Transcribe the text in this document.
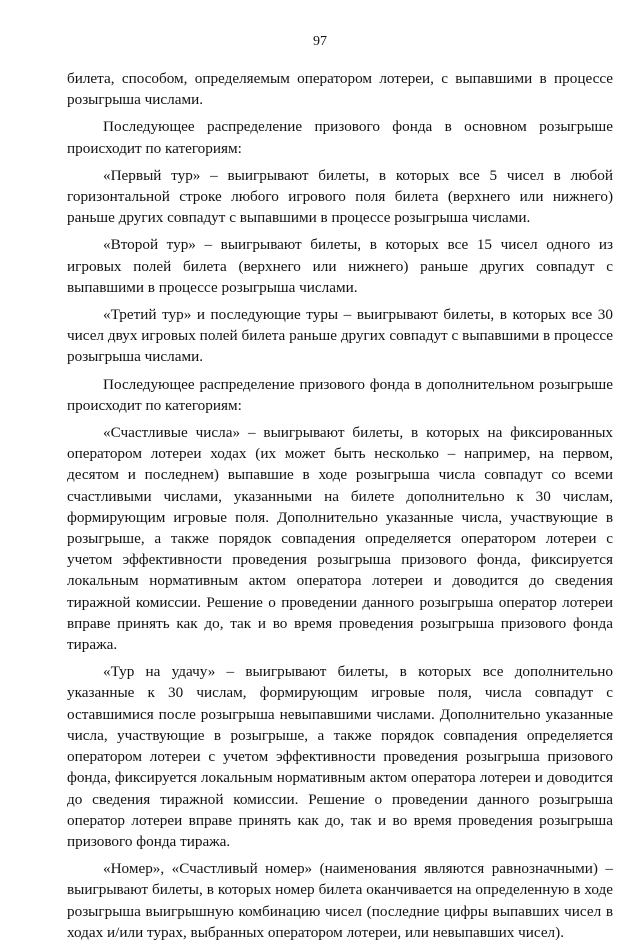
97

билета, способом, определяемым оператором лотереи, с выпавшими в процессе розыгрыша числами.

Последующее распределение призового фонда в основном розыгрыше происходит по категориям:

«Первый тур» – выигрывают билеты, в которых все 5 чисел в любой горизонтальной строке любого игрового поля билета (верхнего или нижнего) раньше других совпадут с выпавшими в процессе розыгрыша числами.

«Второй тур» – выигрывают билеты, в которых все 15 чисел одного из игровых полей билета (верхнего или нижнего) раньше других совпадут с выпавшими в процессе розыгрыша числами.

«Третий тур» и последующие туры – выигрывают билеты, в которых все 30 чисел двух игровых полей билета раньше других совпадут с выпавшими в процессе розыгрыша числами.

Последующее распределение призового фонда в дополнительном розыгрыше происходит по категориям:

«Счастливые числа» – выигрывают билеты, в которых на фиксированных оператором лотереи ходах (их может быть несколько – например, на первом, десятом и последнем) выпавшие в ходе розыгрыша числа совпадут со всеми счастливыми числами, указанными на билете дополнительно к 30 числам, формирующим игровые поля. Дополнительно указанные числа, участвующие в розыгрыше, а также порядок совпадения определяется оператором лотереи с учетом эффективности проведения розыгрыша призового фонда, фиксируется локальным нормативным актом оператора лотереи и доводится до сведения тиражной комиссии. Решение о проведении данного розыгрыша оператор лотереи вправе принять как до, так и во время проведения розыгрыша призового фонда тиража.

«Тур на удачу» – выигрывают билеты, в которых все дополнительно указанные к 30 числам, формирующим игровые поля, числа совпадут с оставшимися после розыгрыша невыпавшими числами. Дополнительно указанные числа, участвующие в розыгрыше, а также порядок совпадения определяется оператором лотереи с учетом эффективности проведения розыгрыша призового фонда, фиксируется локальным нормативным актом оператора лотереи и доводится до сведения тиражной комиссии. Решение о проведении данного розыгрыша оператор лотереи вправе принять как до, так и во время проведения розыгрыша призового фонда тиража.

«Номер», «Счастливый номер» (наименования являются равнозначными) – выигрывают билеты, в которых номер билета оканчивается на определенную в ходе розыгрыша выигрышную комбинацию чисел (последние цифры выпавших чисел в ходах и/или турах, выбранных оператором лотереи, или невыпавших чисел).
